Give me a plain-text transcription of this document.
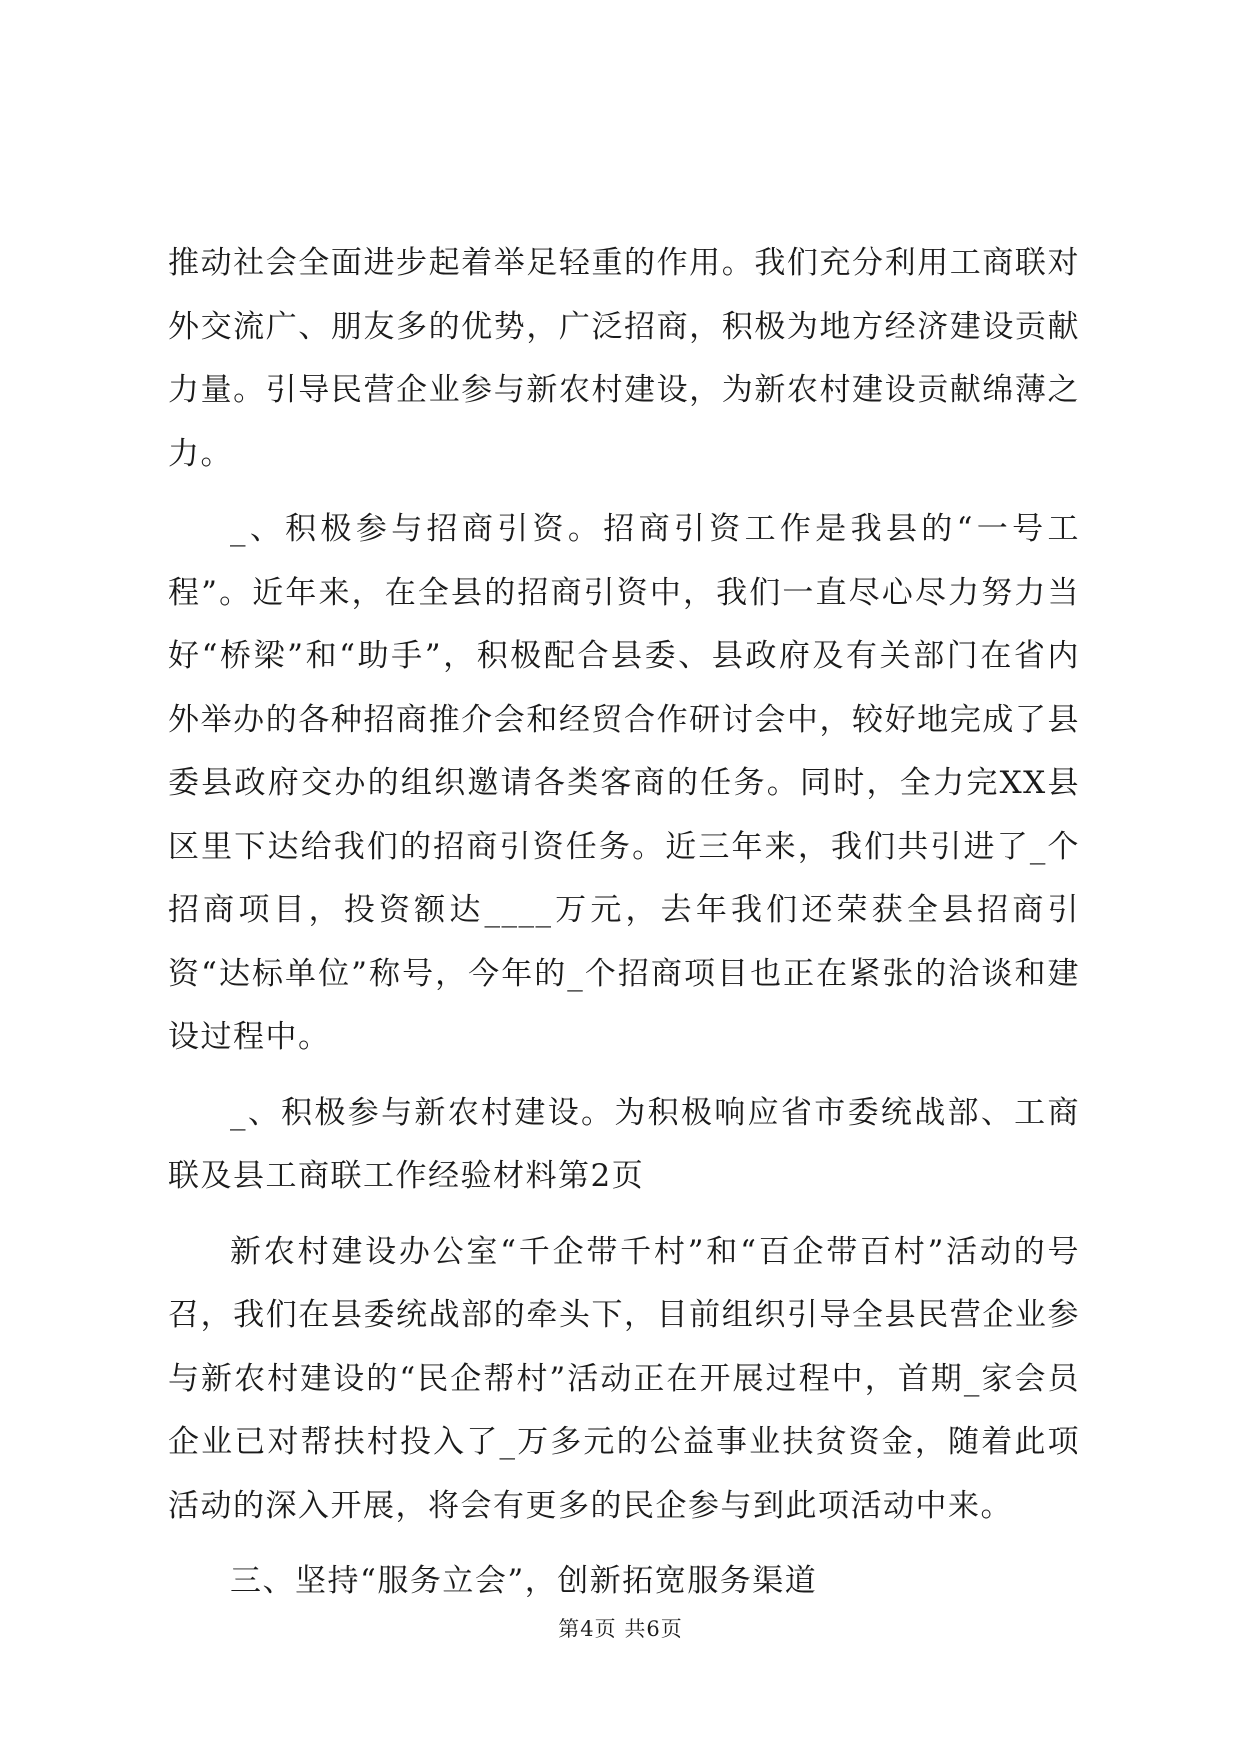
推动社会全面进步起着举足轻重的作用。我们充分利用工商联对外交流广、朋友多的优势，广泛招商，积极为地方经济建设贡献力量。引导民营企业参与新农村建设，为新农村建设贡献绵薄之力。

_、积极参与招商引资。招商引资工作是我县的“一号工程”。近年来，在全县的招商引资中，我们一直尽心尽力努力当好“桥梁”和“助手”，积极配合县委、县政府及有关部门在省内外举办的各种招商推介会和经贸合作研讨会中，较好地完成了县委县政府交办的组织邀请各类客商的任务。同时，全力完XX县区里下达给我们的招商引资任务。近三年来，我们共引进了_个招商项目，投资额达____万元，去年我们还荣获全县招商引资“达标单位”称号，今年的_个招商项目也正在紧张的洽谈和建设过程中。

_、积极参与新农村建设。为积极响应省市委统战部、工商联及县工商联工作经验材料第2页

新农村建设办公室“千企带千村”和“百企带百村”活动的号召，我们在县委统战部的牵头下，目前组织引导全县民营企业参与新农村建设的“民企帮村”活动正在开展过程中，首期_家会员企业已对帮扶村投入了_万多元的公益事业扶贫资金，随着此项活动的深入开展，将会有更多的民企参与到此项活动中来。

三、坚持“服务立会”，创新拓宽服务渠道

第4页 共6页
